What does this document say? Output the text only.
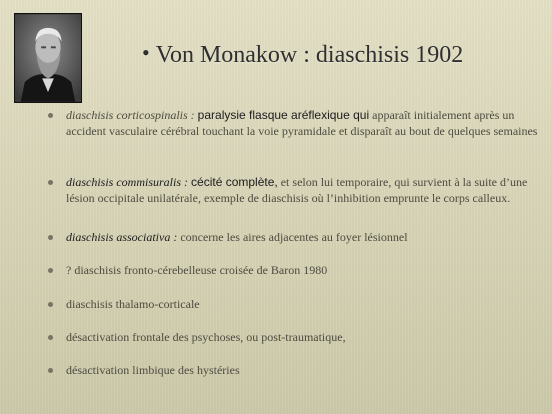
• Von Monakow : diaschisis 1902
diaschisis corticospinalis : paralysie flasque aréflexique qui apparaît initialement après un accident vasculaire cérébral touchant la voie pyramidale et disparaît au bout de quelques semaines
diaschisis commisuralis : cécité complète, et selon lui temporaire, qui survient à la suite d’une lésion occipitale unilatérale, exemple de diaschisis où l’inhibition emprunte le corps calleux.
diaschisis associativa : concerne les aires adjacentes au foyer lésionnel
? diaschisis fronto-cérebelleuse croisée de Baron 1980
diaschisis thalamo-corticale
désactivation frontale des psychoses, ou post-traumatique,
désactivation limbique des hystéries
